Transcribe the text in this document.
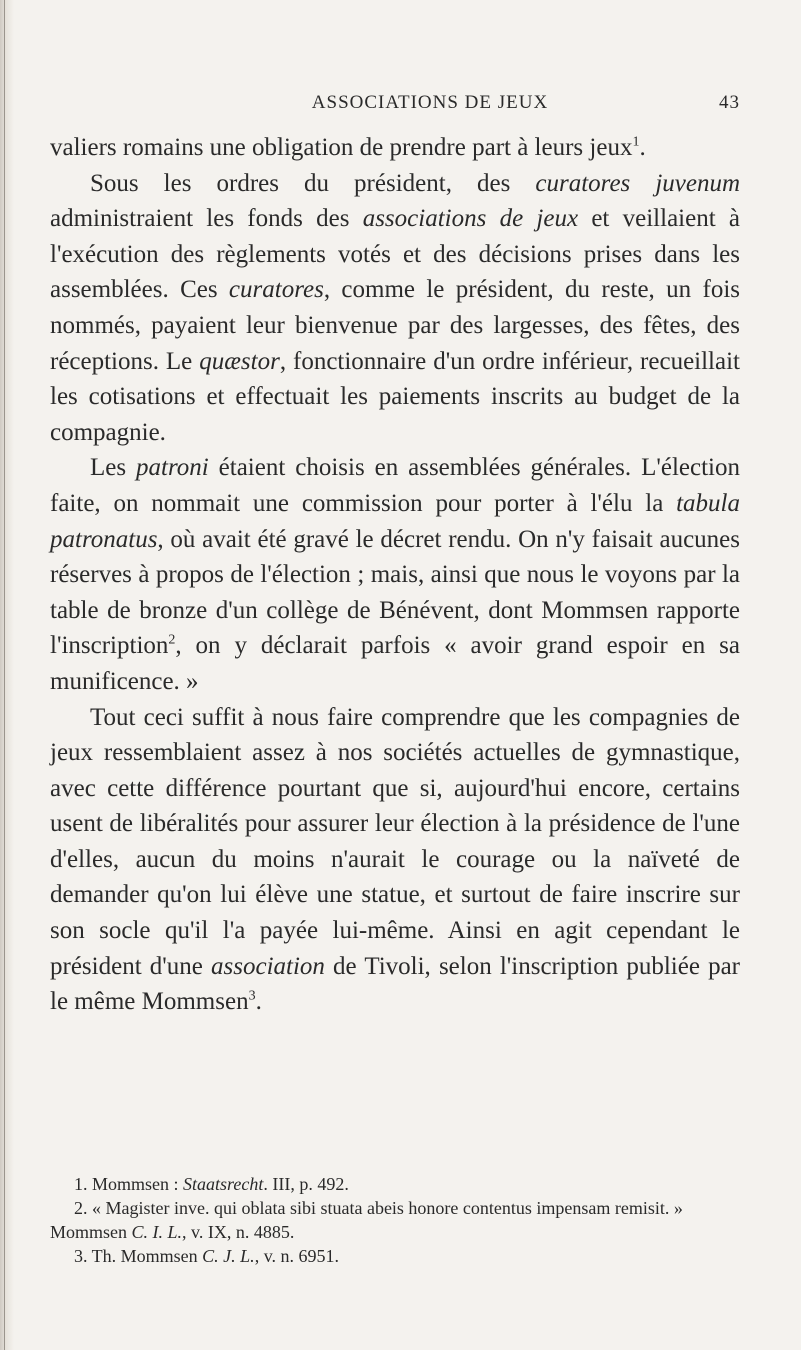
ASSOCIATIONS DE JEUX	43

valiers romains une obligation de prendre part à leurs jeux$^1$.

Sous les ordres du président, des curatores juvenum administraient les fonds des associations de jeux et veillaient à l'exécution des règlements votés et des décisions prises dans les assemblées. Ces curatores, comme le président, du reste, un fois nommés, payaient leur bienvenue par des largesses, des fêtes, des réceptions. Le quæstor, fonctionnaire d'un ordre inférieur, recueillait les cotisations et effectuait les paiements inscrits au budget de la compagnie.

Les patroni étaient choisis en assemblées générales. L'élection faite, on nommait une commission pour porter à l'élu la tabula patronatus, où avait été gravé le décret rendu. On n'y faisait aucunes réserves à propos de l'élection ; mais, ainsi que nous le voyons par la table de bronze d'un collège de Bénévent, dont Mommsen rapporte l'inscription$^2$, on y déclarait parfois « avoir grand espoir en sa munificence. »

Tout ceci suffit à nous faire comprendre que les compagnies de jeux ressemblaient assez à nos sociétés actuelles de gymnastique, avec cette différence pourtant que si, aujourd'hui encore, certains usent de libéralités pour assurer leur élection à la présidence de l'une d'elles, aucun du moins n'aurait le courage ou la naïveté de demander qu'on lui élève une statue, et surtout de faire inscrire sur son socle qu'il l'a payée lui-même. Ainsi en agit cependant le président d'une association de Tivoli, selon l'inscription publiée par le même Mommsen$^3$.

1. Mommsen : Staatsrecht. III, p. 492.

2. « Magister inve. qui oblata sibi stuata abeis honore contentus impensam remisit. » Mommsen C. I. L., v. IX, n. 4885.

3. Th. Mommsen C. J. L., v. n. 6951.
